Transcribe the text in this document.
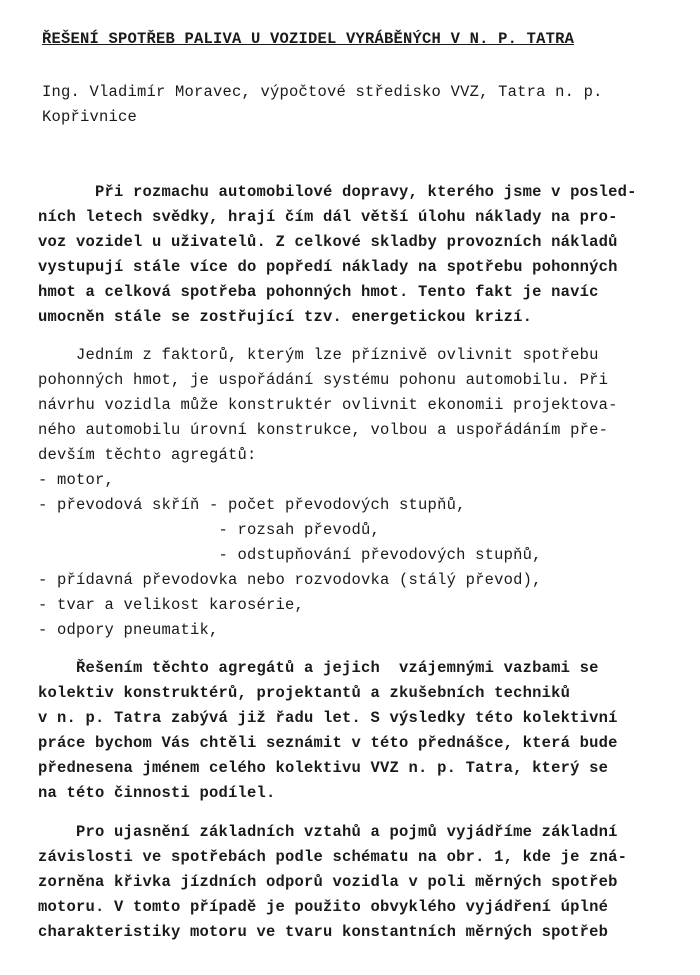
ŘEŠENÍ SPOTŘEB PALIVA U VOZIDEL VYRÁBĚNÝCH V N. P. TATRA
Ing. Vladimír Moravec, výpočtové středisko VVZ, Tatra n. p.
Kopřivnice
Při rozmachu automobilové dopravy, kterého jsme v posled-
ních letech svědky, hrají čím dál větší úlohu náklady na pro-
voz vozidel u uživatelů. Z celkové skladby provozních nákladů
vystupují stále více do popředí náklady na spotřebu pohonných
hmot a celková spotřeba pohonných hmot. Tento fakt je navíc
umocněn stále se zostřující tzv. energetickou krizí.
Jedním z faktorů, kterým lze příznivě ovlivnit spotřebu
pohonných hmot, je uspořádání systému pohonu automobilu. Při
návrhu vozidla může konstruktér ovlivnit ekonomii projektova-
ného automobilu úrovní konstrukce, volbou a uspořádáním pře-
devším těchto agregátů:
- motor,
- převodová skříň - počet převodových stupňů,
- rozsah převodů,
- odstupňování převodových stupňů,
- přídavná převodovka nebo rozvodovka (stálý převod),
- tvar a velikost karosérie,
- odpory pneumatik,
Řešením těchto agregátů a jejich  vzájemnými vazbami se
kolektiv konstruktérů, projektantů a zkušebních techniků
v n. p. Tatra zabývá již řadu let. S výsledky této kolektivní
práce bychom Vás chtěli seznámit v této přednášce, která bude
přednesena jménem celého kolektivu VVZ n. p. Tatra, který se
na této činnosti podílel.
Pro ujasnění základních vztahů a pojmů vyjádříme základní
závislosti ve spotřebách podle schématu na obr. 1, kde je zná-
zorněna křivka jízdních odporů vozidla v poli měrných spotřeb
motoru. V tomto případě je použito obvyklého vyjádření úplné
charakteristiky motoru ve tvaru konstantních měrných spotřeb
